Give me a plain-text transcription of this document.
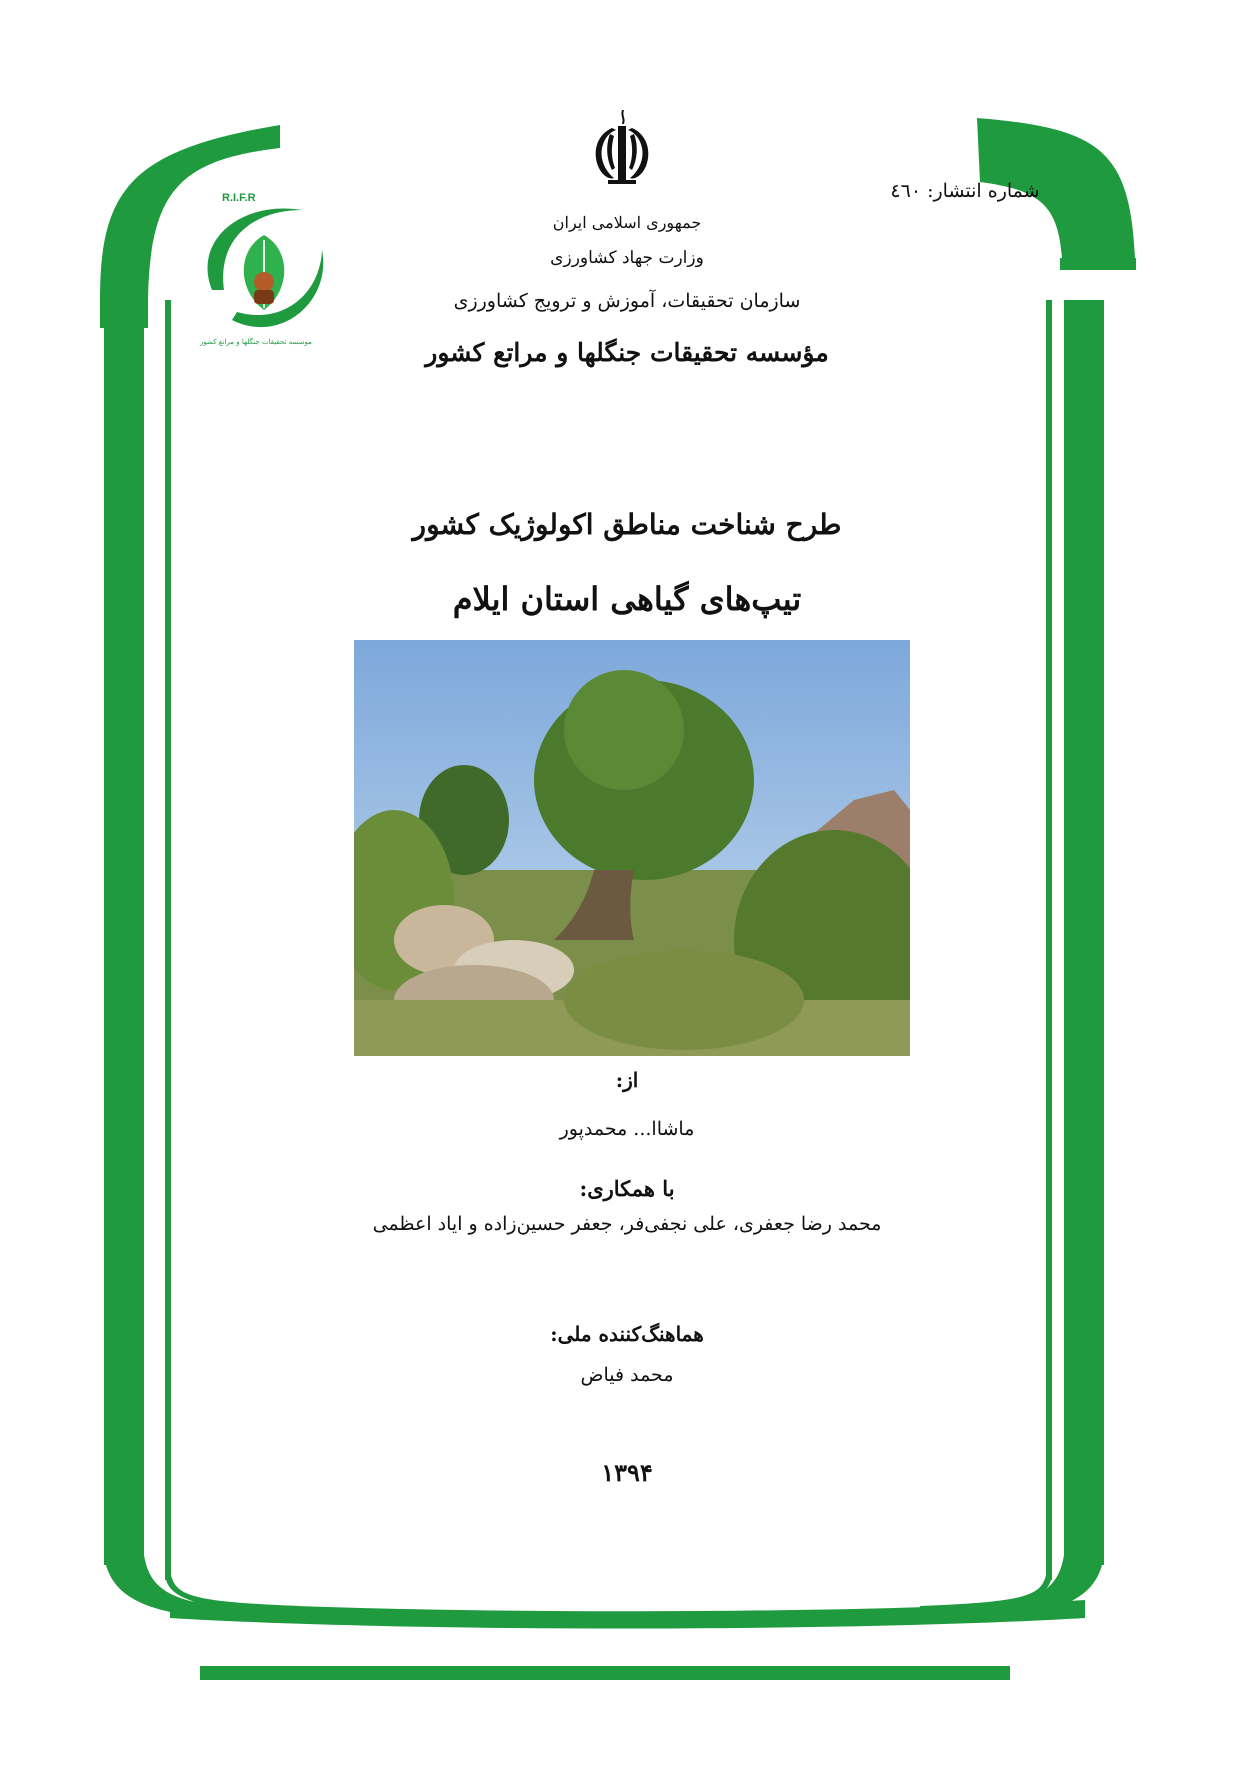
R.I.F.R
موسسه تحقیقات جنگلها و مراتع کشور
شماره انتشار: ٤٦٠
جمهوری اسلامی ایران
وزارت جهاد کشاورزی
سازمان تحقیقات، آموزش و ترویج کشاورزی
مؤسسه تحقیقات جنگلها و مراتع کشور
طرح شناخت مناطق اکولوژیک کشور
تیپ‌های گیاهی استان ایلام
از:
ماشاا... محمدپور
با همکاری:
محمد رضا جعفری، علی نجفی‌فر، جعفر حسین‌زاده و ایاد اعظمی
هماهنگ‌کننده ملی:
محمد فیاض
۱۳۹۴
